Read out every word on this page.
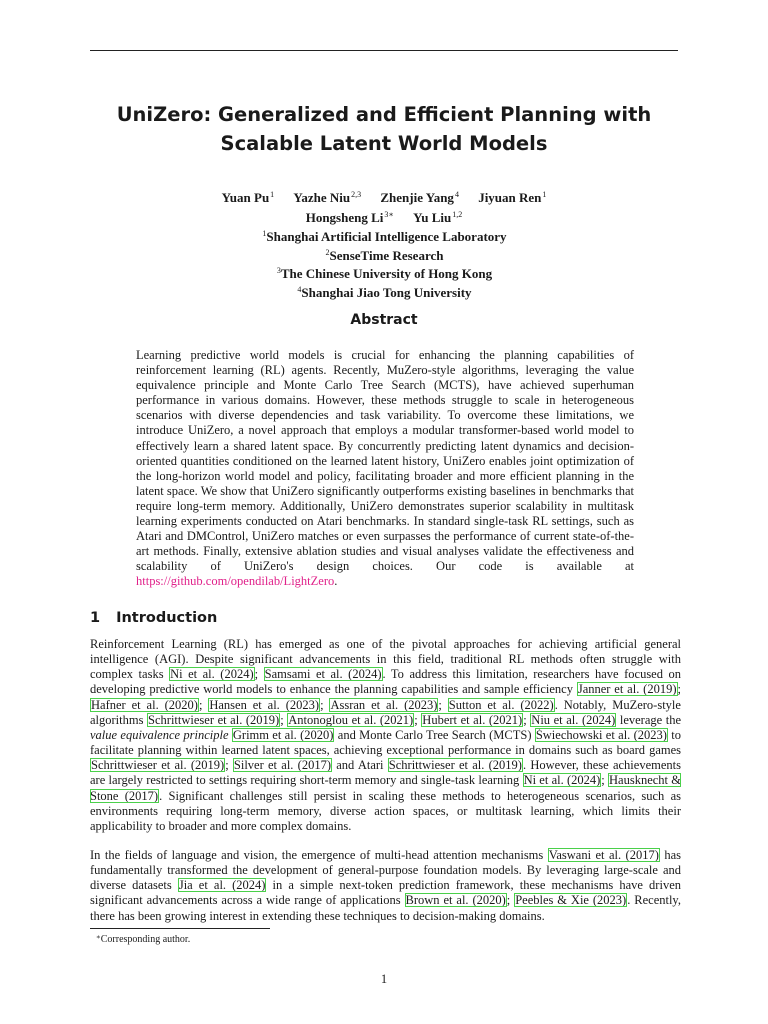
UniZero: Generalized and Efficient Planning with Scalable Latent World Models
Yuan Pu$^1$ Yazhe Niu$^{2,3}$ Zhenjie Yang$^4$ Jiyuan Ren$^1$
Hongsheng $Li^{3∗}$ Yu Liu$^{1,2}$
$^1$Shanghai Artificial Intelligence Laboratory
$^2$SenseTime Research
$^3$The Chinese University of Hong Kong
$^4$Shanghai Jiao Tong University
Abstract
Learning predictive world models is crucial for enhancing the planning capabilities of reinforcement learning (RL) agents. Recently, MuZero-style algorithms, leveraging the value equivalence principle and Monte Carlo Tree Search (MCTS), have achieved superhuman performance in various domains. However, these methods struggle to scale in heterogeneous scenarios with diverse dependencies and task variability. To overcome these limitations, we introduce UniZero, a novel approach that employs a modular transformer-based world model to effectively learn a shared latent space. By concurrently predicting latent dynamics and decision-oriented quantities conditioned on the learned latent history, UniZero enables joint optimization of the long-horizon world model and policy, facilitating broader and more efficient planning in the latent space. We show that UniZero significantly outperforms existing baselines in benchmarks that require long-term memory. Additionally, UniZero demonstrates superior scalability in multitask learning experiments conducted on Atari benchmarks. In standard single-task RL settings, such as Atari and DMControl, UniZero matches or even surpasses the performance of current state-of-the-art methods. Finally, extensive ablation studies and visual analyses validate the effectiveness and scalability of UniZero's design choices. Our code is available at https://github.com/opendilab/LightZero.
1 Introduction
Reinforcement Learning (RL) has emerged as one of the pivotal approaches for achieving artificial general intelligence (AGI). Despite significant advancements in this field, traditional RL methods often struggle with complex tasks Ni et al. (2024); Samsami et al. (2024). To address this limitation, researchers have focused on developing predictive world models to enhance the planning capabilities and sample efficiency Janner et al. (2019); Hafner et al. (2020); Hansen et al. (2023); Assran et al. (2023); Sutton et al. (2022). Notably, MuZero-style algorithms Schrittwieser et al. (2019); Antonoglou et al. (2021); Hubert et al. (2021); Niu et al. (2024) leverage the value equivalence principle Grimm et al. (2020) and Monte Carlo Tree Search (MCTS) Świechowski et al. (2023) to facilitate planning within learned latent spaces, achieving exceptional performance in domains such as board games Schrittwieser et al. (2019); Silver et al. (2017) and Atari Schrittwieser et al. (2019). However, these achievements are largely restricted to settings requiring short-term memory and single-task learning Ni et al. (2024); Hausknecht & Stone (2017). Significant challenges still persist in scaling these methods to heterogeneous scenarios, such as environments requiring long-term memory, diverse action spaces, or multitask learning, which limits their applicability to broader and more complex domains.
In the fields of language and vision, the emergence of multi-head attention mechanisms Vaswani et al. (2017) has fundamentally transformed the development of general-purpose foundation models. By leveraging large-scale and diverse datasets Jia et al. (2024) in a simple next-token prediction framework, these mechanisms have driven significant advancements across a wide range of applications Brown et al. (2020); Peebles & Xie (2023). Recently, there has been growing interest in extending these techniques to decision-making domains.
∗Corresponding author.
1
